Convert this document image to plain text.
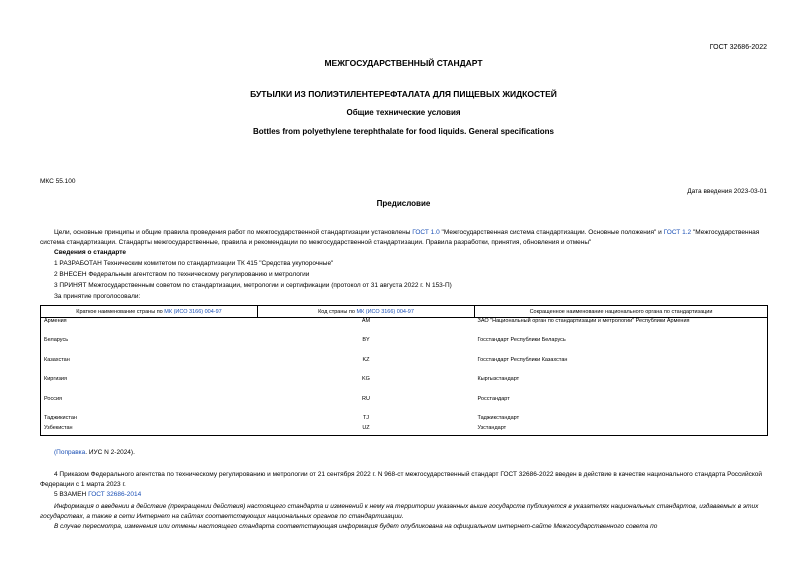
ГОСТ 32686-2022
МЕЖГОСУДАРСТВЕННЫЙ СТАНДАРТ
БУТЫЛКИ ИЗ ПОЛИЭТИЛЕНТЕРЕФТАЛАТА ДЛЯ ПИЩЕВЫХ ЖИДКОСТЕЙ
Общие технические условия
Bottles from polyethylene terephthalate for food liquids. General specifications
МКС 55.100
Дата введения 2023-03-01
Предисловие
Цели, основные принципы и общие правила проведения работ по межгосударственной стандартизации установлены ГОСТ 1.0 "Межгосударственная система стандартизации. Основные положения" и ГОСТ 1.2 "Межгосударственная система стандартизации. Стандарты межгосударственные, правила и рекомендации по межгосударственной стандартизации. Правила разработки, принятия, обновления и отмены"
Сведения о стандарте
1 РАЗРАБОТАН Техническим комитетом по стандартизации ТК 415 "Средства укупорочные"
2 ВНЕСЕН Федеральным агентством по техническому регулированию и метрологии
3 ПРИНЯТ Межгосударственным советом по стандартизации, метрологии и сертификации (протокол от 31 августа 2022 г. N 153-П)
За принятие проголосовали:
Краткое наименование страны по МК (ИСО 3166) 004-97	Код страны по МК (ИСО 3166) 004-97	Сокращенное наименование национального органа по стандартизации
Армения	AM	ЗАО "Национальный орган по стандартизации и метрологии" Республики Армения
Беларусь	BY	Госстандарт Республики Беларусь
Казахстан	KZ	Госстандарт Республики Казахстан
Киргизия	KG	Кыргызстандарт
Россия	RU	Росстандарт
Таджикистан	TJ	Таджикстандарт
Узбекистан	UZ	Узстандарт
(Поправка. ИУС N 2-2024).
4 Приказом Федерального агентства по техническому регулированию и метрологии от 21 сентября 2022 г. N 968-ст межгосударственный стандарт ГОСТ 32686-2022 введен в действие в качестве национального стандарта Российской Федерации с 1 марта 2023 г.
5 ВЗАМЕН ГОСТ 32686-2014
Информация о введении в действие (прекращении действия) настоящего стандарта и изменений к нему на территории указанных выше государств публикуется в указателях национальных стандартов, издаваемых в этих государствах, а также в сети Интернет на сайтах соответствующих национальных органов по стандартизации.
В случае пересмотра, изменения или отмены настоящего стандарта соответствующая информация будет опубликована на официальном интернет-сайте Межгосударственного совета по
